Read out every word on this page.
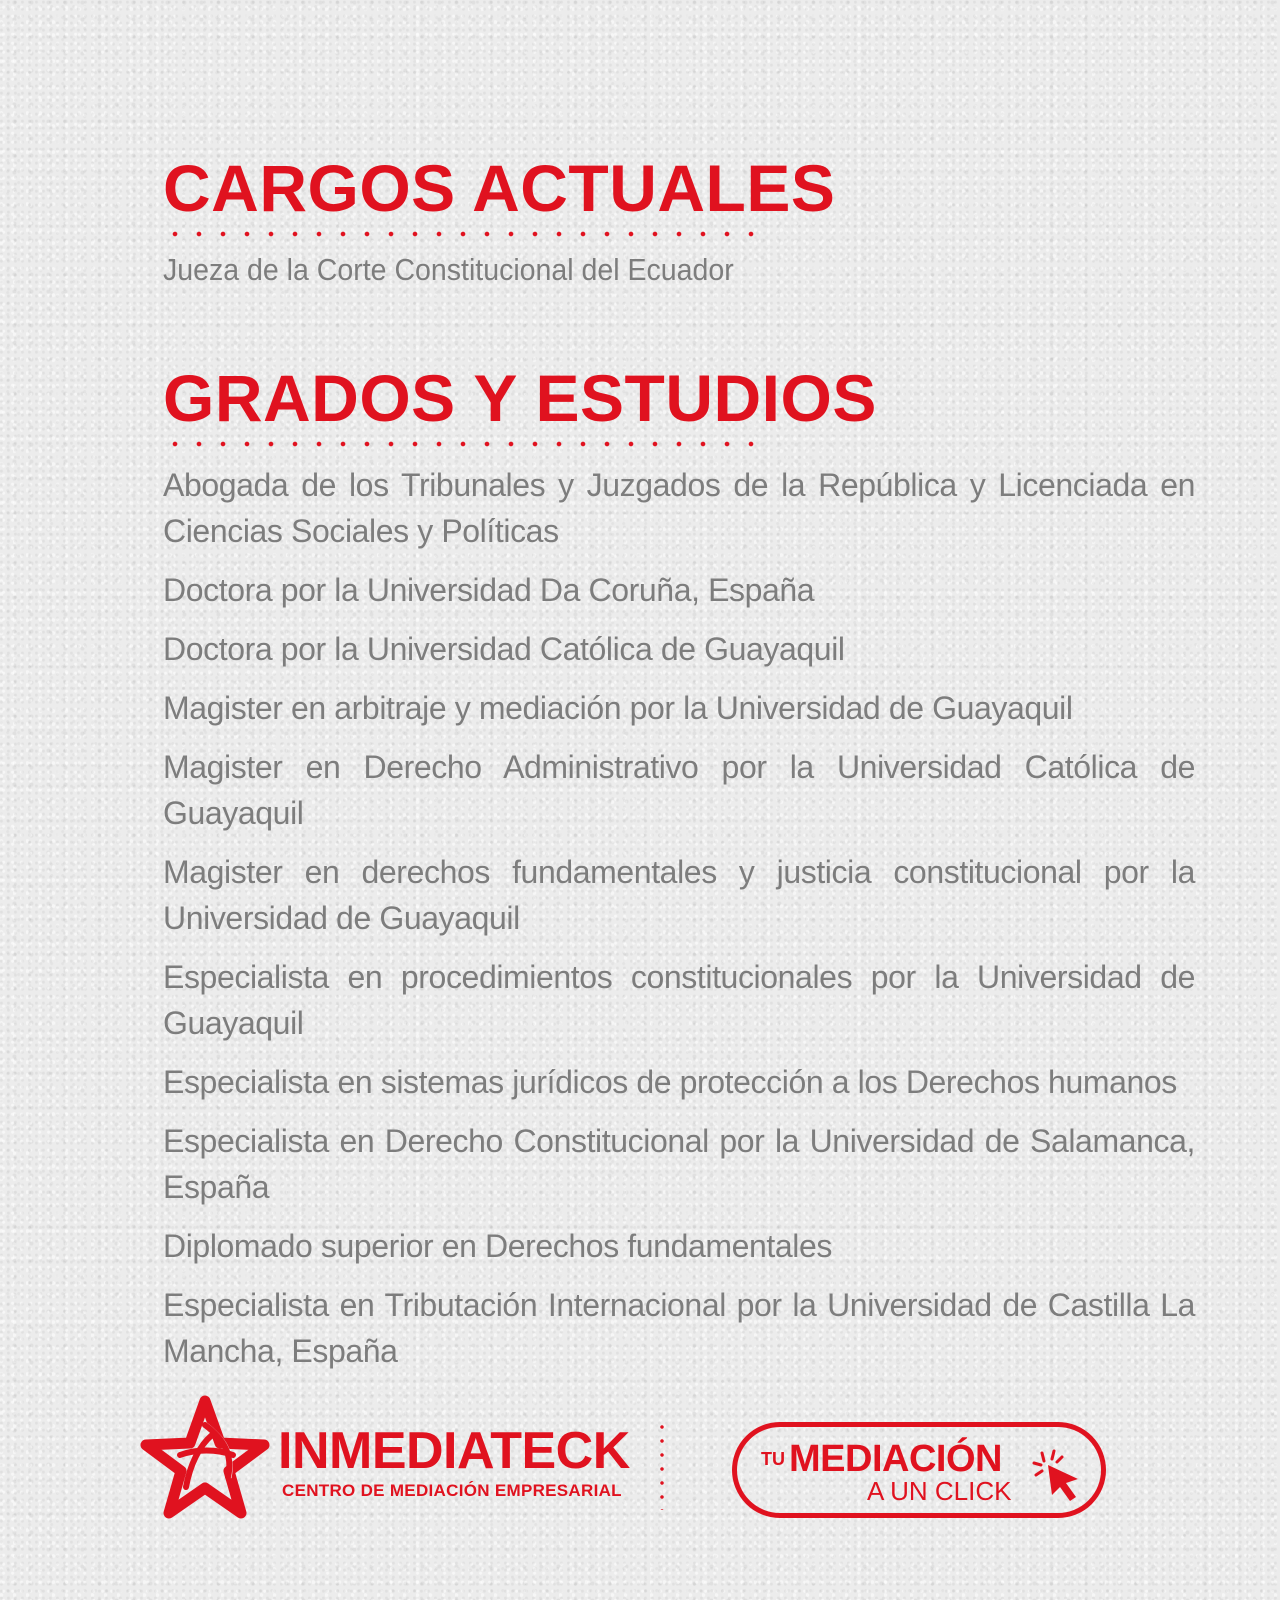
CARGOS ACTUALES

Jueza de la Corte Constitucional del Ecuador

GRADOS Y ESTUDIOS
Abogada de los Tribunales y Juzgados de la República y Licenciada en Ciencias Sociales y Políticas
Doctora por la Universidad Da Coruña, España
Doctora por la Universidad Católica de Guayaquil
Magister en arbitraje y mediación por la Universidad de Guayaquil
Magister en Derecho Administrativo por la Universidad Católica de Guayaquil
Magister en derechos fundamentales y justicia constitucional por la Universidad de Guayaquil
Especialista en procedimientos constitucionales por la Universidad de Guayaquil
Especialista en sistemas jurídicos de protección a los Derechos humanos
Especialista en Derecho Constitucional por la Universidad de Salamanca, España
Diplomado superior en Derechos fundamentales
Especialista en Tributación Internacional por la Universidad de Castilla La Mancha, España
INMEDIATECK
CENTRO DE MEDIACIÓN EMPRESARIAL
TU MEDIACIÓN
A UN CLICK
